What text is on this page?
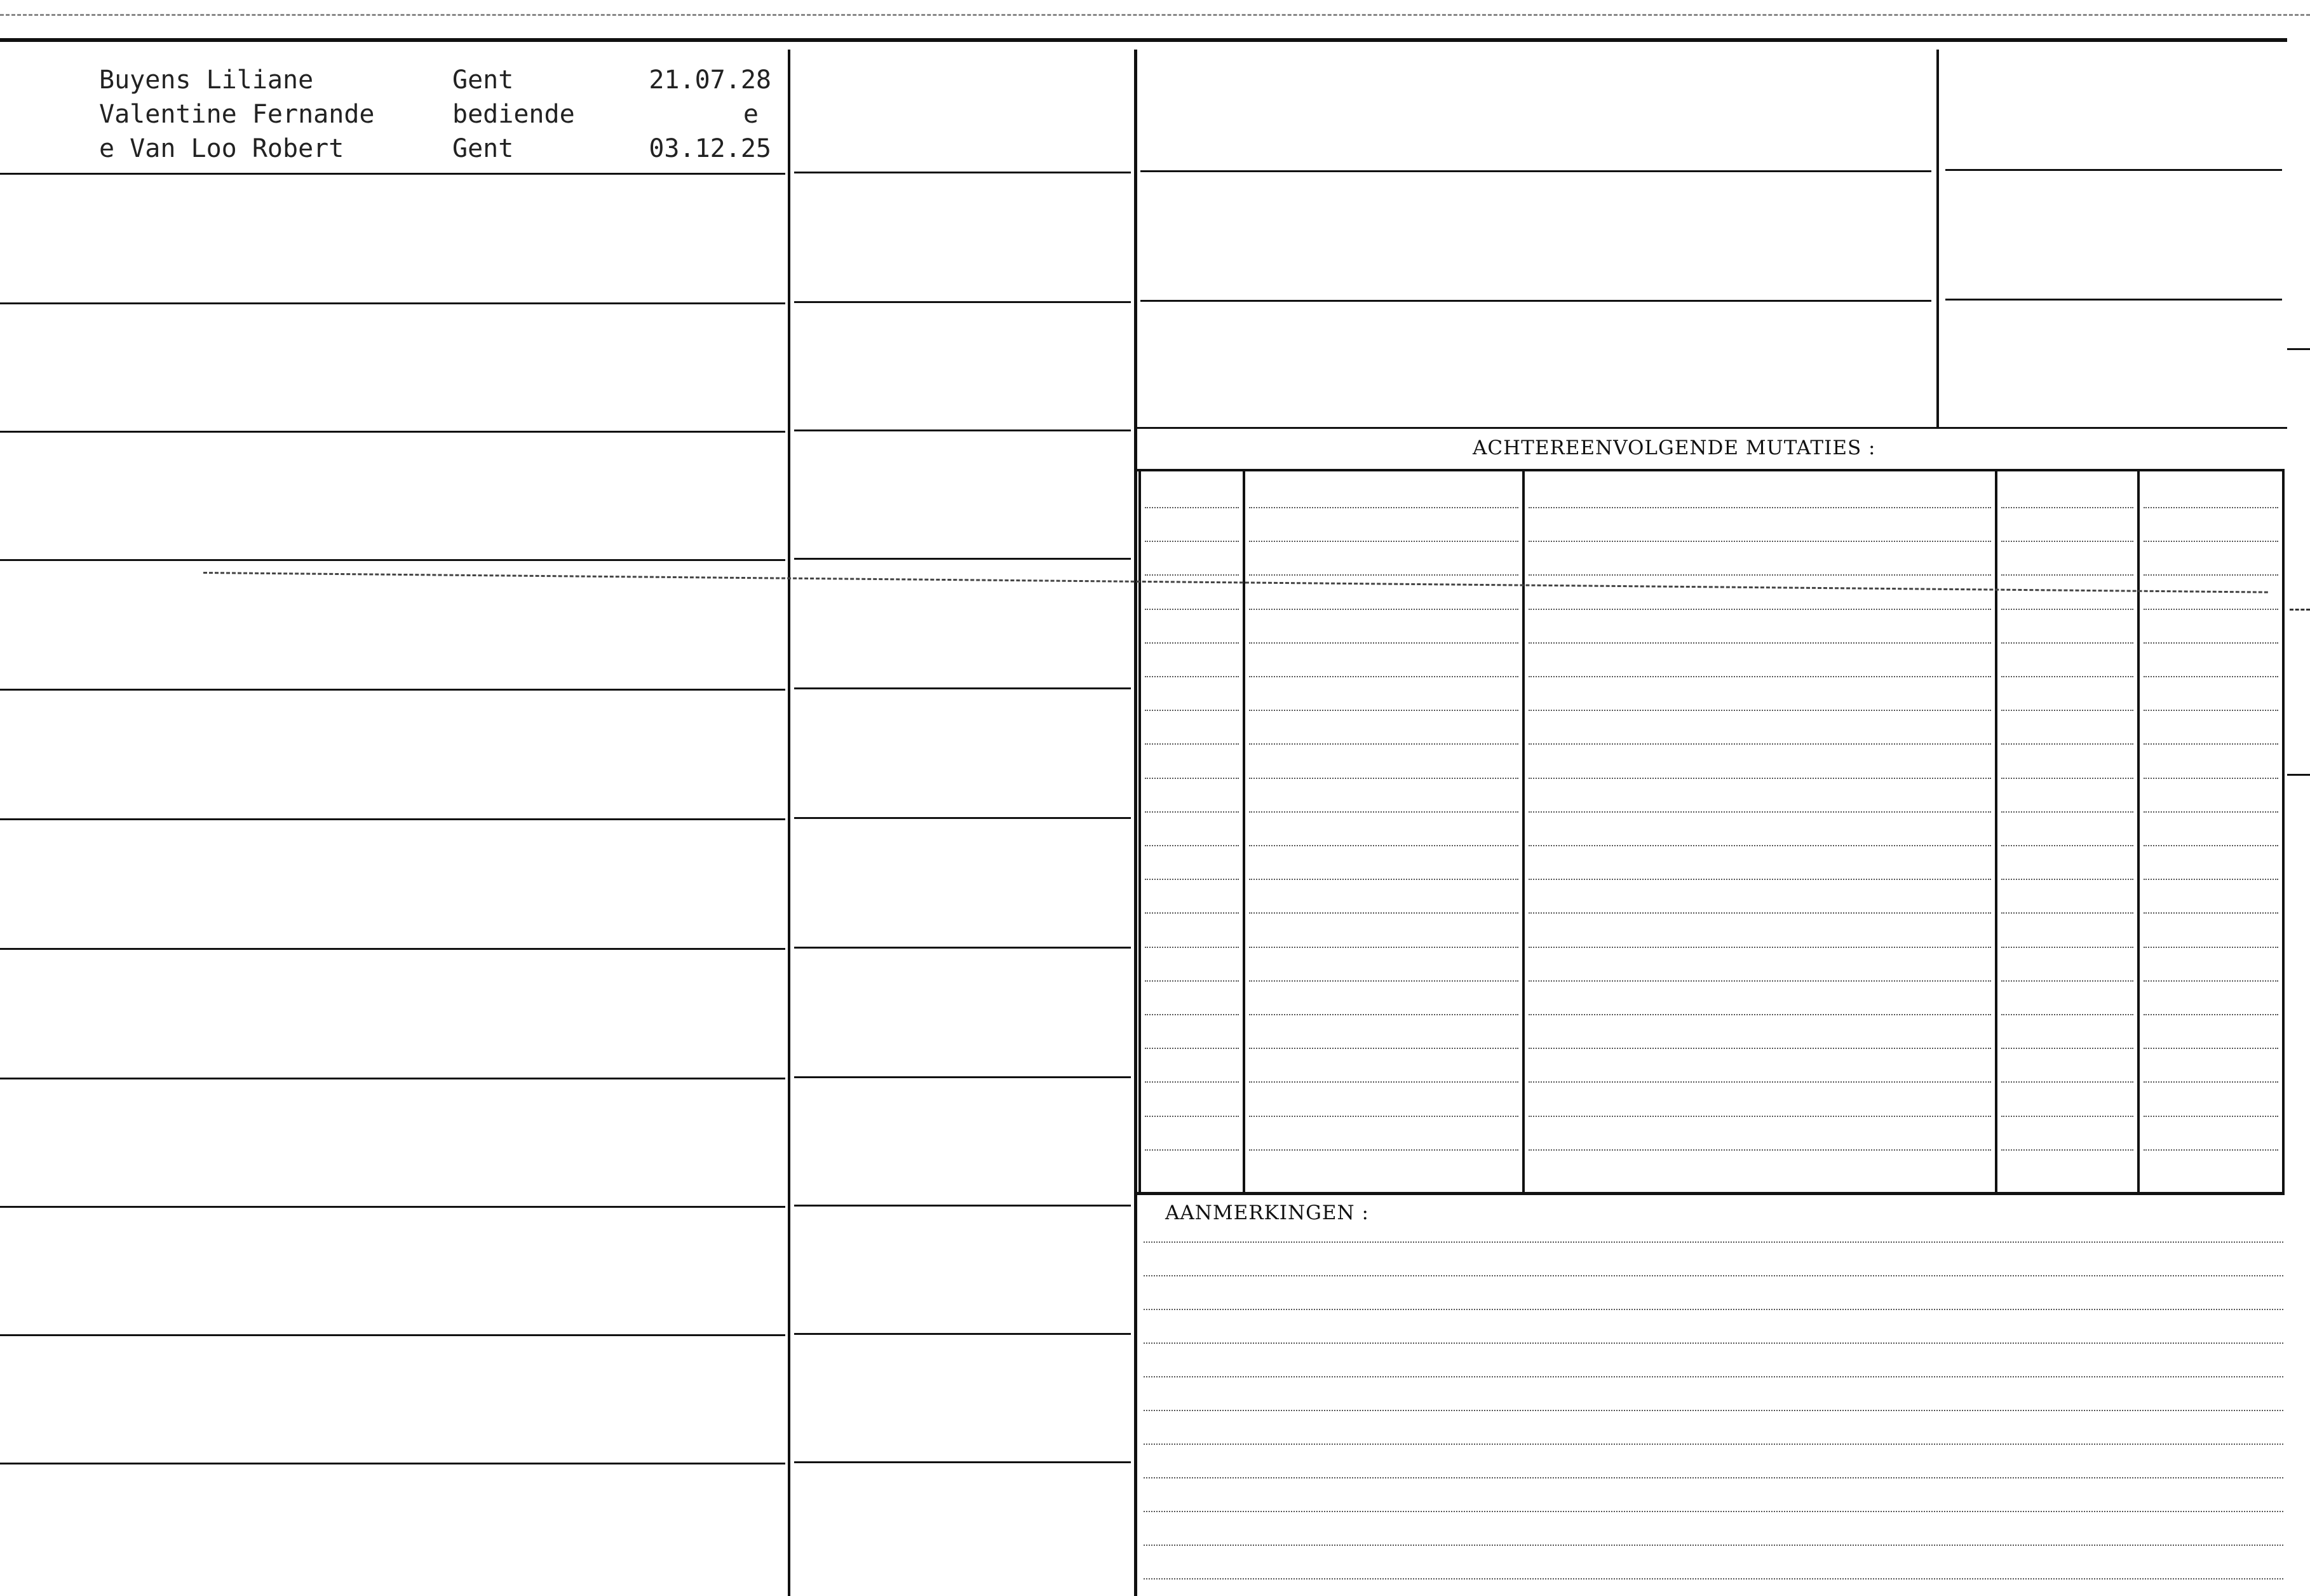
Buyens Liliane
Valentine Fernande
e Van Loo Robert
Gent
bediende
Gent
21.07.28
e
03.12.25
ACHTEREENVOLGENDE MUTATIES :
AANMERKINGEN :
